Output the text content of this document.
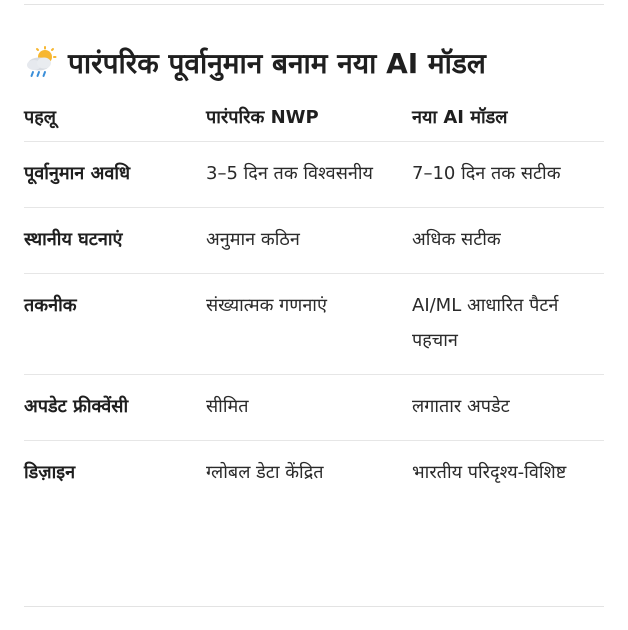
पारंपरिक पूर्वानुमान बनाम नया AI मॉडल
पहलू	पारंपरिक NWP	नया AI मॉडल
पूर्वानुमान अवधि	3–5 दिन तक विश्वसनीय	7–10 दिन तक सटीक
स्थानीय घटनाएं	अनुमान कठिन	अधिक सटीक
तकनीक	संख्यात्मक गणनाएं	AI/ML आधारित पैटर्न पहचान
अपडेट फ्रीक्वेंसी	सीमित	लगातार अपडेट
डिज़ाइन	ग्लोबल डेटा केंद्रित	भारतीय परिदृश्य-विशिष्ट
